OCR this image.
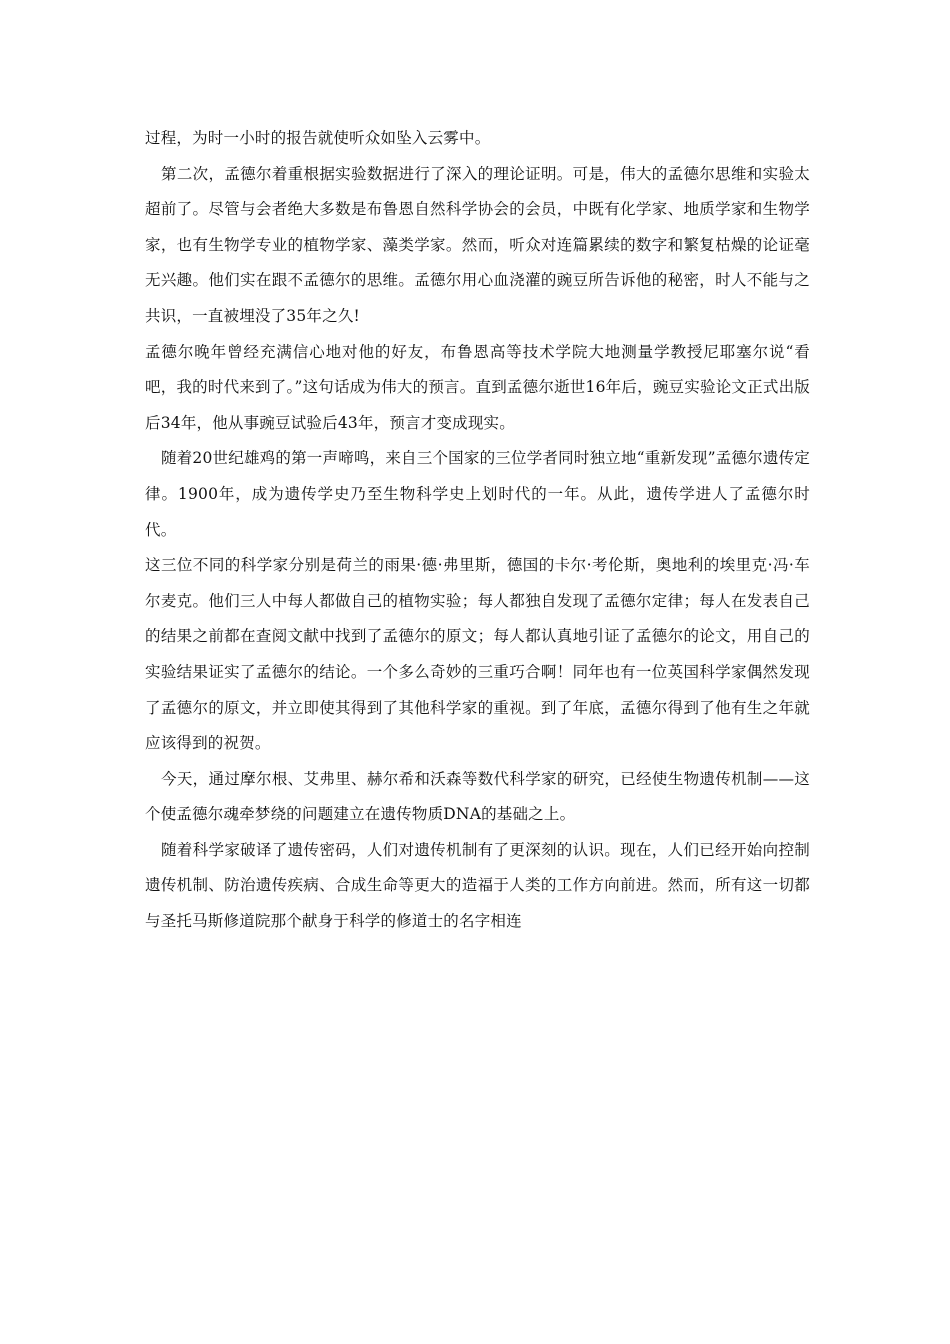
过程，为时一小时的报告就使听众如坠入云雾中。

第二次，孟德尔着重根据实验数据进行了深入的理论证明。可是，伟大的孟德尔思维和实验太超前了。尽管与会者绝大多数是布鲁恩自然科学协会的会员，中既有化学家、地质学家和生物学家，也有生物学专业的植物学家、藻类学家。然而，听众对连篇累续的数字和繁复枯燥的论证毫无兴趣。他们实在跟不孟德尔的思维。孟德尔用心血浇灌的豌豆所告诉他的秘密，时人不能与之共识，一直被埋没了35年之久!

孟德尔晚年曾经充满信心地对他的好友，布鲁恩高等技术学院大地测量学教授尼耶塞尔说“看吧，我的时代来到了。”这句话成为伟大的预言。直到孟德尔逝世16年后，豌豆实验论文正式出版后34年，他从事豌豆试验后43年，预言才变成现实。

随着20世纪雄鸡的第一声啼鸣，来自三个国家的三位学者同时独立地“重新发现”孟德尔遗传定律。1900年，成为遗传学史乃至生物科学史上划时代的一年。从此，遗传学进人了孟德尔时代。

这三位不同的科学家分别是荷兰的雨果·德·弗里斯，德国的卡尔·考伦斯，奥地利的埃里克·冯·车尔麦克。他们三人中每人都做自己的植物实验；每人都独自发现了孟德尔定律；每人在发表自己的结果之前都在查阅文献中找到了孟德尔的原文；每人都认真地引证了孟德尔的论文，用自己的实验结果证实了孟德尔的结论。一个多么奇妙的三重巧合啊！同年也有一位英国科学家偶然发现了孟德尔的原文，并立即使其得到了其他科学家的重视。到了年底，孟德尔得到了他有生之年就应该得到的祝贺。

今天，通过摩尔根、艾弗里、赫尔希和沃森等数代科学家的研究，已经使生物遗传机制——这个使孟德尔魂牵梦绕的问题建立在遗传物质DNA的基础之上。

随着科学家破译了遗传密码，人们对遗传机制有了更深刻的认识。现在，人们已经开始向控制遗传机制、防治遗传疾病、合成生命等更大的造福于人类的工作方向前进。然而，所有这一切都与圣托马斯修道院那个献身于科学的修道士的名字相连
